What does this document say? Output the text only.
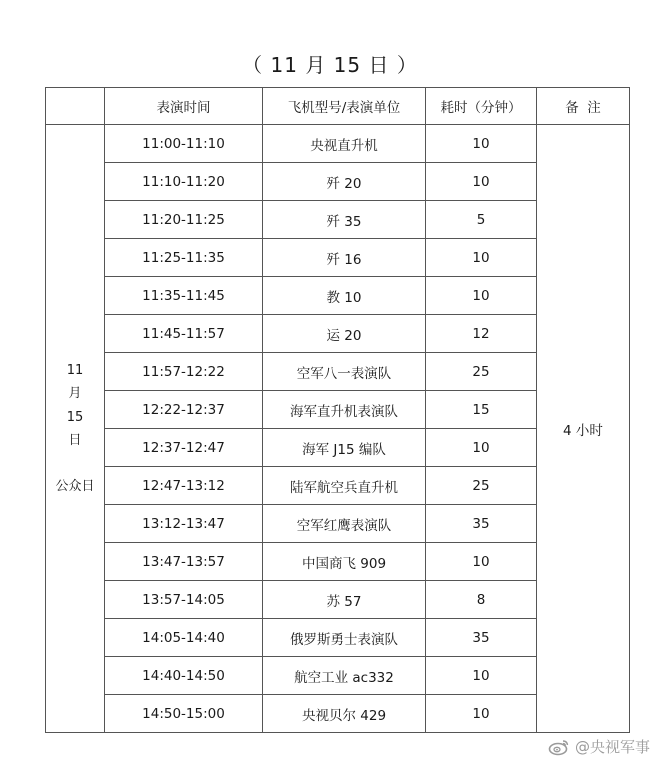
（ 11 月 15 日 ）
	表演时间	飞机型号/表演单位	耗时（分钟）	备  注

11
月
15
日
公众日	11:00-11:10	央视直升机	10	4 小时
	11:10-11:20	歼 20	10	
	11:20-11:25	歼 35	5	
	11:25-11:35	歼 16	10	
	11:35-11:45	教 10	10	
	11:45-11:57	运 20	12	
	11:57-12:22	空军八一表演队	25	
	12:22-12:37	海军直升机表演队	15	
	12:37-12:47	海军 J15 编队	10	
	12:47-13:12	陆军航空兵直升机	25	
	13:12-13:47	空军红鹰表演队	35	
	13:47-13:57	中国商飞 909	10	
	13:57-14:05	苏 57	8	
	14:05-14:40	俄罗斯勇士表演队	35	
	14:40-14:50	航空工业 ac332	10	
	14:50-15:00	央视贝尔 429	10	
@央视军事
